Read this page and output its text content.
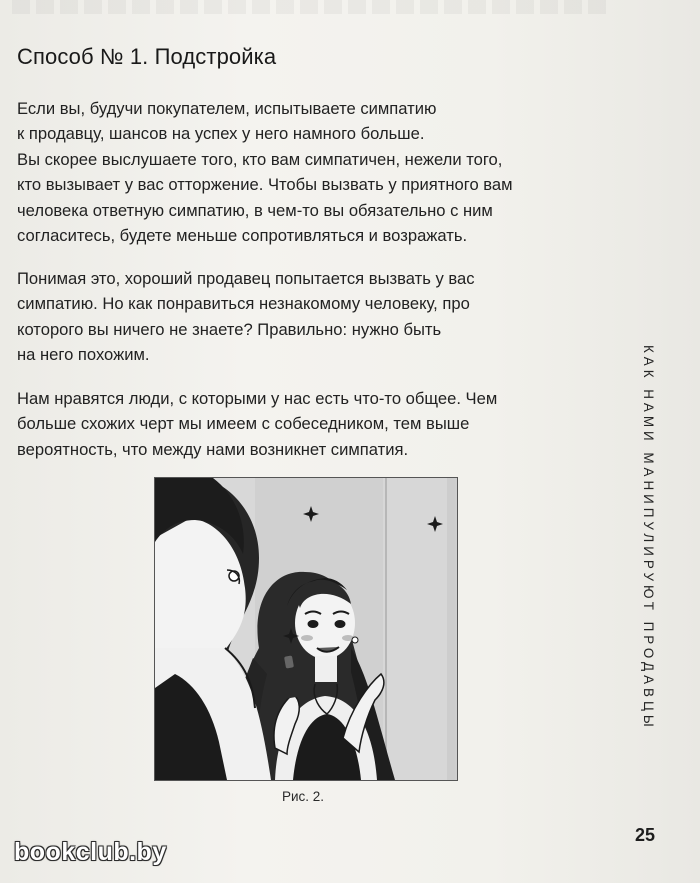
Способ № 1. Подстройка

Если вы, будучи покупателем, испытываете симпатию
к продавцу, шансов на успех у него намного больше.
Вы скорее выслушаете того, кто вам симпатичен, нежели того,
кто вызывает у вас отторжение. Чтобы вызвать у приятного вам
человека ответную симпатию, в чем-то вы обязательно с ним
согласитесь, будете меньше сопротивляться и возражать.

Понимая это, хороший продавец попытается вызвать у вас
симпатию. Но как понравиться незнакомому человеку, про
которого вы ничего не знаете? Правильно: нужно быть
на него похожим.

Нам нравятся люди, с которыми у нас есть что-то общее. Чем
больше схожих черт мы имеем с собеседником, тем выше
вероятность, что между нами возникнет симпатия.

Рис. 2.
КАК НАМИ МАНИПУЛИРУЮТ ПРОДАВЦЫ
25
bookclub.by
